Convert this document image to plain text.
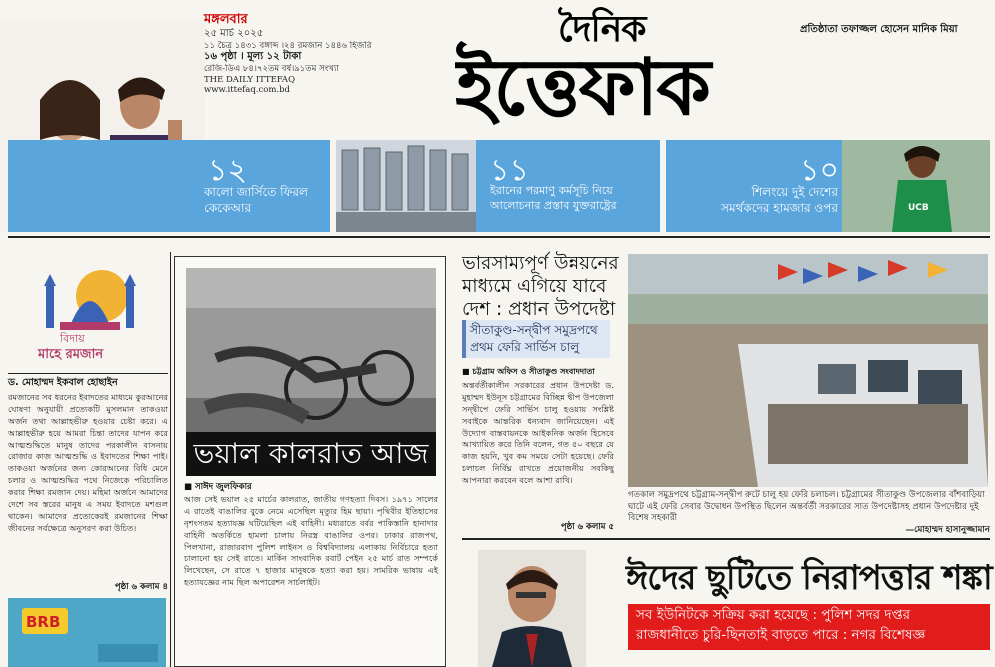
মঙ্গলবার
২৫ মার্চ ২০২৫
১১ চৈত্র ১৪৩১ বঙ্গাব্দ ।২৪ রমজান ১৪৪৬ হিজরি
১৬ পৃষ্ঠা । মূল্য ১২ টাকা
রেজি-ডিএ ৮৪।৭২তম বর্ষ।৯১তম সংখ্যা
THE DAILY ITTEFAQ
www.ittefaq.com.bd
দৈনিক	প্রতিষ্ঠাতা তফাজ্জল হোসেন মানিক মিয়া
ইত্তেফাক
১২
কালো জার্সিতে ফিরল কেকেআর
১১
ইরানের পরমাণু কর্মসূচি নিয়ে আলোচনার প্রস্তাব যুক্তরাষ্ট্রের
১০
শিলংয়ে দুই দেশের সমর্থকদের হামজার ওপর	UCB
বিদায়
মাহে রমজান
ড. মোহাম্মদ ইকবাল হোছাইন
রমজানের সব ধরনের ইবাদতের মাধ্যমে কুরআনের ঘোষণা অনুযায়ী প্রত্যেকটি মুসলমান তাকওয়া অর্জন তথা আল্লাহভীরু হওয়ার চেষ্টা করে। এ আল্লাহভীরু হয়ে আমরা চিন্তা তাদের যাপন করে আত্মশুদ্ধিতে মানুষ তাদের পরকালীন বাসনায় রোজার কাজ আত্মশুদ্ধি ও ইবাদতের শিক্ষা পাই। তাকওয়া অর্জনের জন্য কোরআনের বিধি মেনে চলার ও আত্মশুদ্ধির পথে নিজেকে পরিচালিত করার শিক্ষা রমজান দেয়। মহিমা অর্জনে আমাদের দেশে সব স্তরের মানুষ এ সময় ইবাদতে মশগুল থাকেন। আমাদের প্রত্যেকেরই রমজানের শিক্ষা জীবনের সর্বক্ষেত্রে অনুসরণ করা উচিত।
পৃষ্ঠা ৬ কলাম ৪
BRB
ভয়াল কালরাত আজ
■ সাঈদ জুলফিকার
আজ সেই ভয়াল ২৫ মার্চের কালরাত, জাতীয় গণহত্যা দিবস। ১৯৭১ সালের এ রাতেই বাঙালির বুকে নেমে এসেছিল মৃত্যুর হিম ছায়া। পৃথিবীর ইতিহাসের নৃশংসতম হত্যাযজ্ঞ ঘটিয়েছিল এই বাহিনী। মধ্যরাতে বর্বর পাকিস্তানি হানাদার বাহিনী অতর্কিতে হামলা চালায় নিরস্ত্র বাঙালির ওপর। ঢাকার রাজপথ, পিলখানা, রাজারবাগ পুলিশ লাইনস ও বিশ্ববিদ্যালয় এলাকায় নির্বিচারে হত্যা চালানো হয় সেই রাতে। মার্কিন সাংবাদিক রবার্ট পেইন ২৫ মার্চ রাত সম্পর্কে লিখেছেন, সে রাতে ৭ হাজার মানুষকে হত্যা করা হয়। সামরিক ভাষায় এই হত্যাযজ্ঞের নাম ছিল অপারেশন সার্চলাইট।
ভারসাম্যপূর্ণ উন্নয়নের মাধ্যমে এগিয়ে যাবে দেশ : প্রধান উপদেষ্টা
সীতাকুণ্ড-সন্দ্বীপ সমুদ্রপথে প্রথম ফেরি সার্ভিস চালু
■ চট্টগ্রাম অফিস ও সীতাকুণ্ড সংবাদদাতা
অন্তর্বর্তীকালীন সরকারের প্রধান উপদেষ্টা ড. মুহাম্মদ ইউনূস চট্টগ্রামের বিচ্ছিন্ন দ্বীপ উপজেলা সন্দ্বীপে ফেরি সার্ভিস চালু হওয়ায় সংশ্লিষ্ট সবাইকে আন্তরিক ধন্যবাদ জানিয়েছেন। এই উদ্যোগ বাস্তবায়নকে আইকনিক অর্জন হিসেবে আখ্যায়িত করে তিনি বলেন, গত ৫০ বছরে যে কাজ হয়নি, খুব কম সময়ে সেটা হয়েছে। ফেরি চলাচল নির্বিঘ্ন রাখতে প্রয়োজনীয় সবকিছু আপনারা করবেন বলে আশা রাখি।
পৃষ্ঠা ৬ কলাম ৫
গতকাল সমুদ্রপথে চট্টগ্রাম-সন্দ্বীপ রুটে চালু হয় ফেরি চলাচল। চট্টগ্রামের সীতাকুণ্ড উপজেলার বাঁশবাড়িয়া ঘাটে এই ফেরি সেবার উদ্বোধন উপস্থিত ছিলেন অন্তর্বর্তী সরকারের সাত উপদেষ্টাসহ প্রধান উপদেষ্টার দুই বিশেষ সহকারী
—মোহাম্মদ হাসানুজ্জামান
ঈদের ছুটিতে নিরাপত্তার শঙ্কা
সব ইউনিটকে সক্রিয় করা হয়েছে : পুলিশ সদর দপ্তর
রাজধানীতে চুরি-ছিনতাই বাড়তে পারে : নগর বিশেষজ্ঞ
